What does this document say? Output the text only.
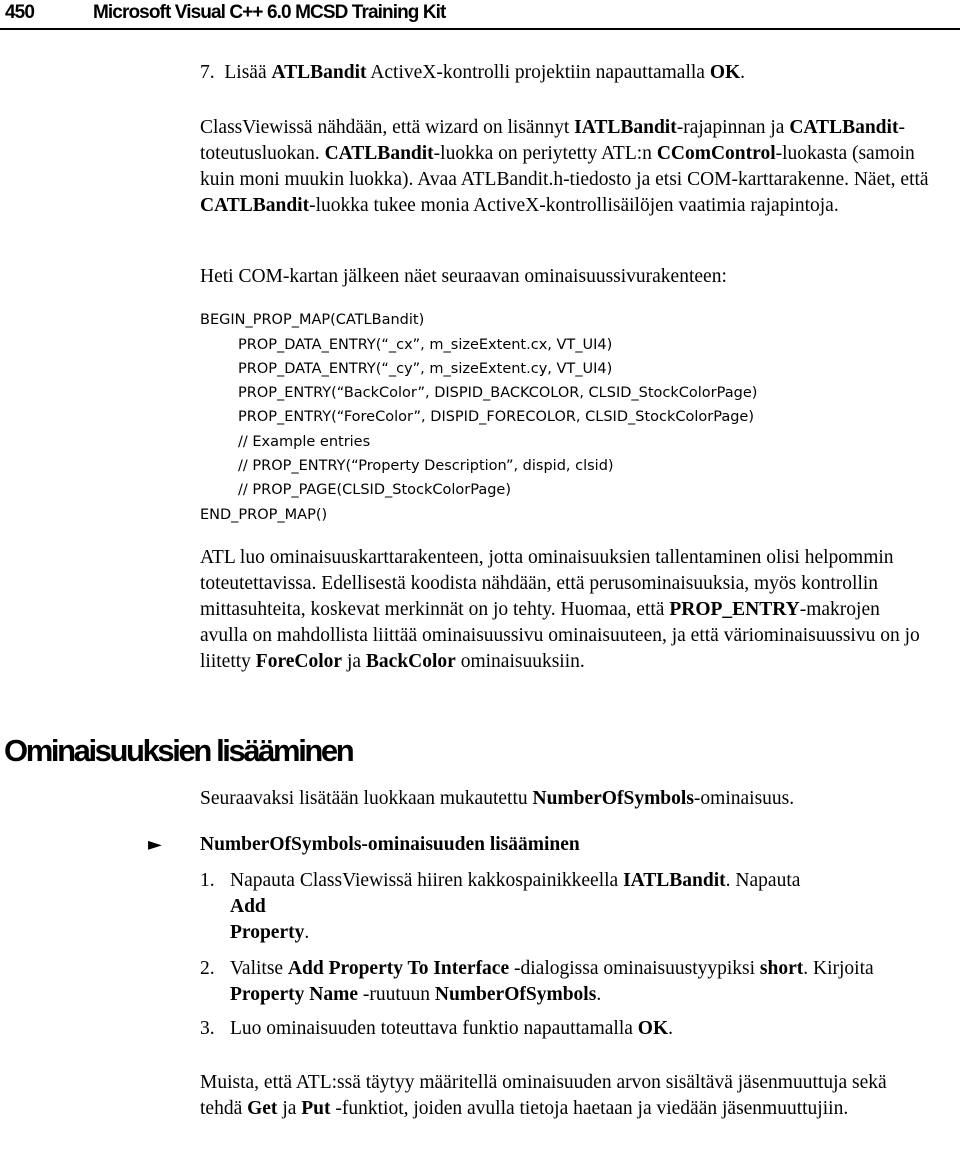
450	Microsoft Visual C++ 6.0 MCSD Training Kit

7. Lisää ATLBandit ActiveX-kontrolli projektiin napauttamalla OK.

ClassViewissä nähdään, että wizard on lisännyt IATLBandit-rajapinnan ja CATLBandit-toteutusluokan. CATLBandit-luokka on periytetty ATL:n CComControl-luokasta (samoin kuin moni muukin luokka). Avaa ATLBandit.h-tiedosto ja etsi COM-karttarakenne. Näet, että CATLBandit-luokka tukee monia ActiveX-kontrollisäilöjen vaatimia rajapintoja.

Heti COM-kartan jälkeen näet seuraavan ominaisuussivurakenteen:

BEGIN_PROP_MAP(CATLBandit)

PROP_DATA_ENTRY(“_cx”, m_sizeExtent.cx, VT_UI4)

PROP_DATA_ENTRY(“_cy”, m_sizeExtent.cy, VT_UI4)

PROP_ENTRY(“BackColor”, DISPID_BACKCOLOR, CLSID_StockColorPage)

PROP_ENTRY(“ForeColor”, DISPID_FORECOLOR, CLSID_StockColorPage)

// Example entries

// PROP_ENTRY(“Property Description”, dispid, clsid)

// PROP_PAGE(CLSID_StockColorPage)

END_PROP_MAP()

ATL luo ominaisuuskarttarakenteen, jotta ominaisuuksien tallentaminen olisi helpommin toteutettavissa. Edellisestä koodista nähdään, että perusominaisuuksia, myös kontrollin mittasuhteita, koskevat merkinnät on jo tehty. Huomaa, että PROP_ENTRY-makrojen avulla on mahdollista liittää ominaisuussivu ominaisuuteen, ja että väriominaisuussivu on jo liitetty ForeColor ja BackColor ominaisuuksiin.

Ominaisuuksien lisääminen

Seuraavaksi lisätään luokkaan mukautettu NumberOfSymbols-ominaisuus.

► NumberOfSymbols-ominaisuuden lisääminen

1. Napauta ClassViewissä hiiren kakkospainikkeella IATLBandit. Napauta
Add
Property.
2. Valitse Add Property To Interface -dialogissa ominaisuustyypiksi short. Kirjoita Property Name -ruutuun NumberOfSymbols.
3. Luo ominaisuuden toteuttava funktio napauttamalla OK.

Muista, että ATL:ssä täytyy määritellä ominaisuuden arvon sisältävä jäsenmuuttuja sekä tehdä Get ja Put -funktiot, joiden avulla tietoja haetaan ja viedään jäsenmuuttujiin.
